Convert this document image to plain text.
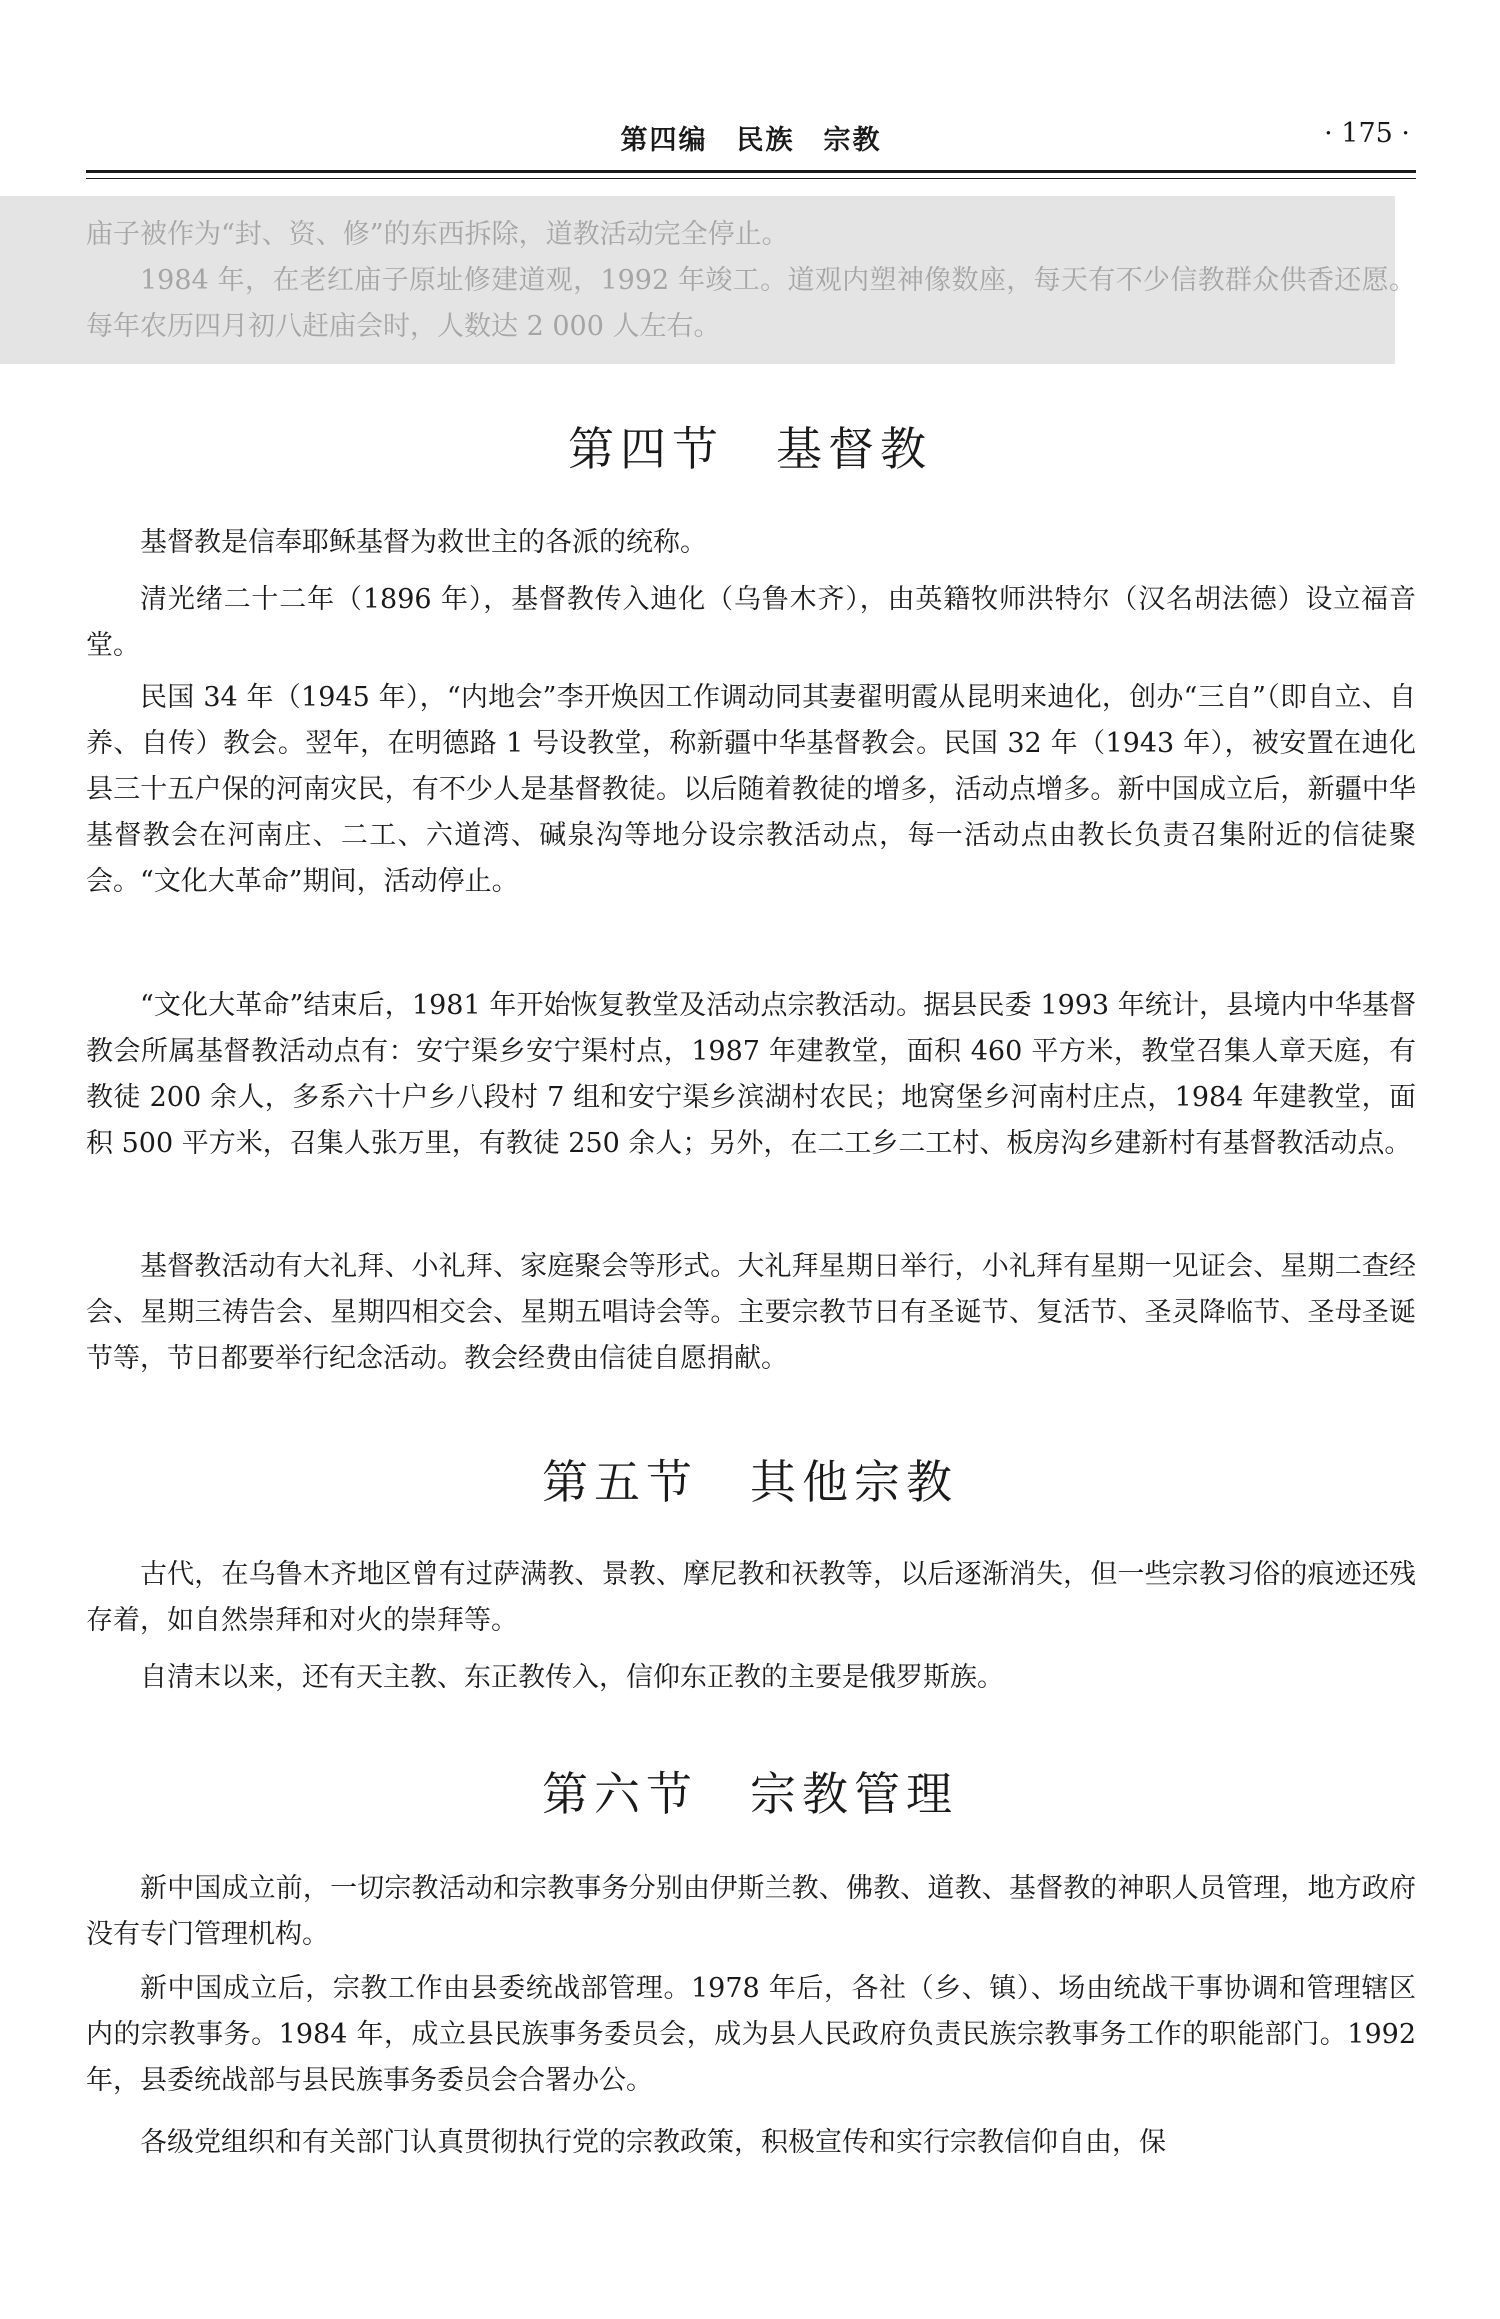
第四编　民族　宗教	· 175 ·

庙子被作为“封、资、修”的东西拆除，道教活动完全停止。

1984 年，在老红庙子原址修建道观，1992 年竣工。道观内塑神像数座，每天有不少信教群众供香还愿。每年农历四月初八赶庙会时，人数达 2 000 人左右。

第四节　基督教

基督教是信奉耶稣基督为救世主的各派的统称。

清光绪二十二年（1896 年），基督教传入迪化（乌鲁木齐），由英籍牧师洪特尔（汉名胡法德）设立福音堂。

民国 34 年（1945 年），“内地会”李开焕因工作调动同其妻翟明霞从昆明来迪化，创办“三自”（即自立、自养、自传）教会。翌年，在明德路 1 号设教堂，称新疆中华基督教会。民国 32 年（1943 年），被安置在迪化县三十五户保的河南灾民，有不少人是基督教徒。以后随着教徒的增多，活动点增多。新中国成立后，新疆中华基督教会在河南庄、二工、六道湾、碱泉沟等地分设宗教活动点，每一活动点由教长负责召集附近的信徒聚会。“文化大革命”期间，活动停止。

“文化大革命”结束后，1981 年开始恢复教堂及活动点宗教活动。据县民委 1993 年统计，县境内中华基督教会所属基督教活动点有：安宁渠乡安宁渠村点，1987 年建教堂，面积 460 平方米，教堂召集人章天庭，有教徒 200 余人，多系六十户乡八段村 7 组和安宁渠乡滨湖村农民；地窝堡乡河南村庄点，1984 年建教堂，面积 500 平方米，召集人张万里，有教徒 250 余人；另外，在二工乡二工村、板房沟乡建新村有基督教活动点。

基督教活动有大礼拜、小礼拜、家庭聚会等形式。大礼拜星期日举行，小礼拜有星期一见证会、星期二查经会、星期三祷告会、星期四相交会、星期五唱诗会等。主要宗教节日有圣诞节、复活节、圣灵降临节、圣母圣诞节等，节日都要举行纪念活动。教会经费由信徒自愿捐献。

第五节　其他宗教

古代，在乌鲁木齐地区曾有过萨满教、景教、摩尼教和祆教等，以后逐渐消失，但一些宗教习俗的痕迹还残存着，如自然崇拜和对火的崇拜等。

自清末以来，还有天主教、东正教传入，信仰东正教的主要是俄罗斯族。

第六节　宗教管理

新中国成立前，一切宗教活动和宗教事务分别由伊斯兰教、佛教、道教、基督教的神职人员管理，地方政府没有专门管理机构。

新中国成立后，宗教工作由县委统战部管理。1978 年后，各社（乡、镇）、场由统战干事协调和管理辖区内的宗教事务。1984 年，成立县民族事务委员会，成为县人民政府负责民族宗教事务工作的职能部门。1992 年，县委统战部与县民族事务委员会合署办公。

各级党组织和有关部门认真贯彻执行党的宗教政策，积极宣传和实行宗教信仰自由，保
